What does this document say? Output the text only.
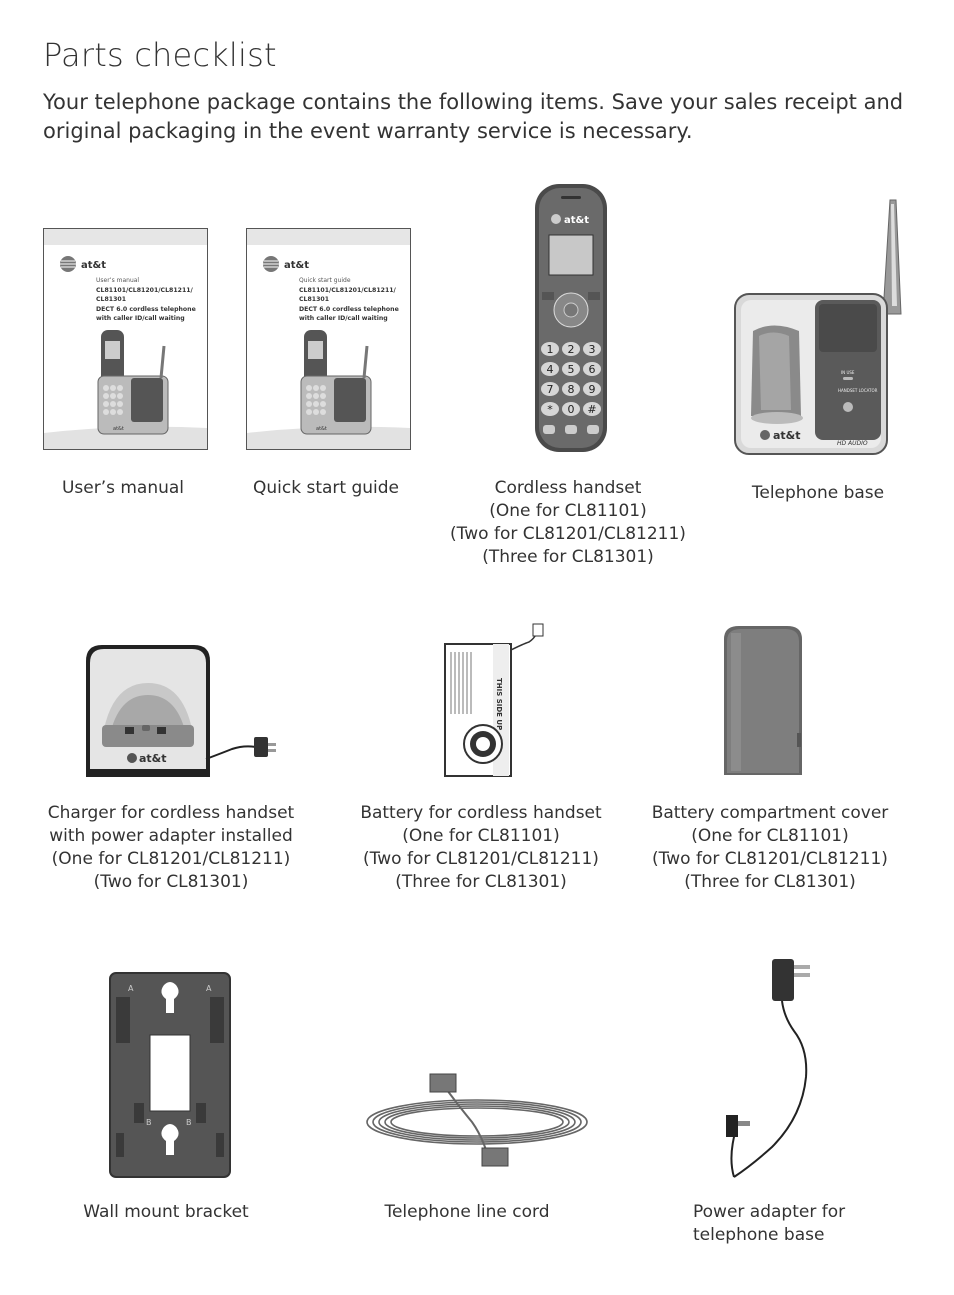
Parts checklist
Your telephone package contains the following items. Save your sales receipt and original packaging in the event warranty service is necessary.
at&t
User’s manual
CL81101/CL81201/CL81211/
CL81301
DECT 6.0 cordless telephone
with caller ID/call waiting
at&t
at&t
Quick start guide
CL81101/CL81201/CL81211/
CL81301
DECT 6.0 cordless telephone
with caller ID/call waiting
at&t
at&t
1 2 3
4 5 6
7 8 9
* 0 #
IN USE
HANDSET LOCATOR
at&t
HD AUDIO
at&t
THIS SIDE UP
A	A
B	B
User’s manual	Quick start guide	Cordless handset
(One for CL81101)
(Two for CL81201/CL81211)
(Three for CL81301)
Telephone base
Charger for cordless handset
with power adapter installed
(One for CL81201/CL81211)
(Two for CL81301)
Battery for cordless handset
(One for CL81101)
(Two for CL81201/CL81211)
(Three for CL81301)
Battery compartment cover
(One for CL81101)
(Two for CL81201/CL81211)
(Three for CL81301)
Wall mount bracket	Telephone line cord	Power adapter for
telephone base
